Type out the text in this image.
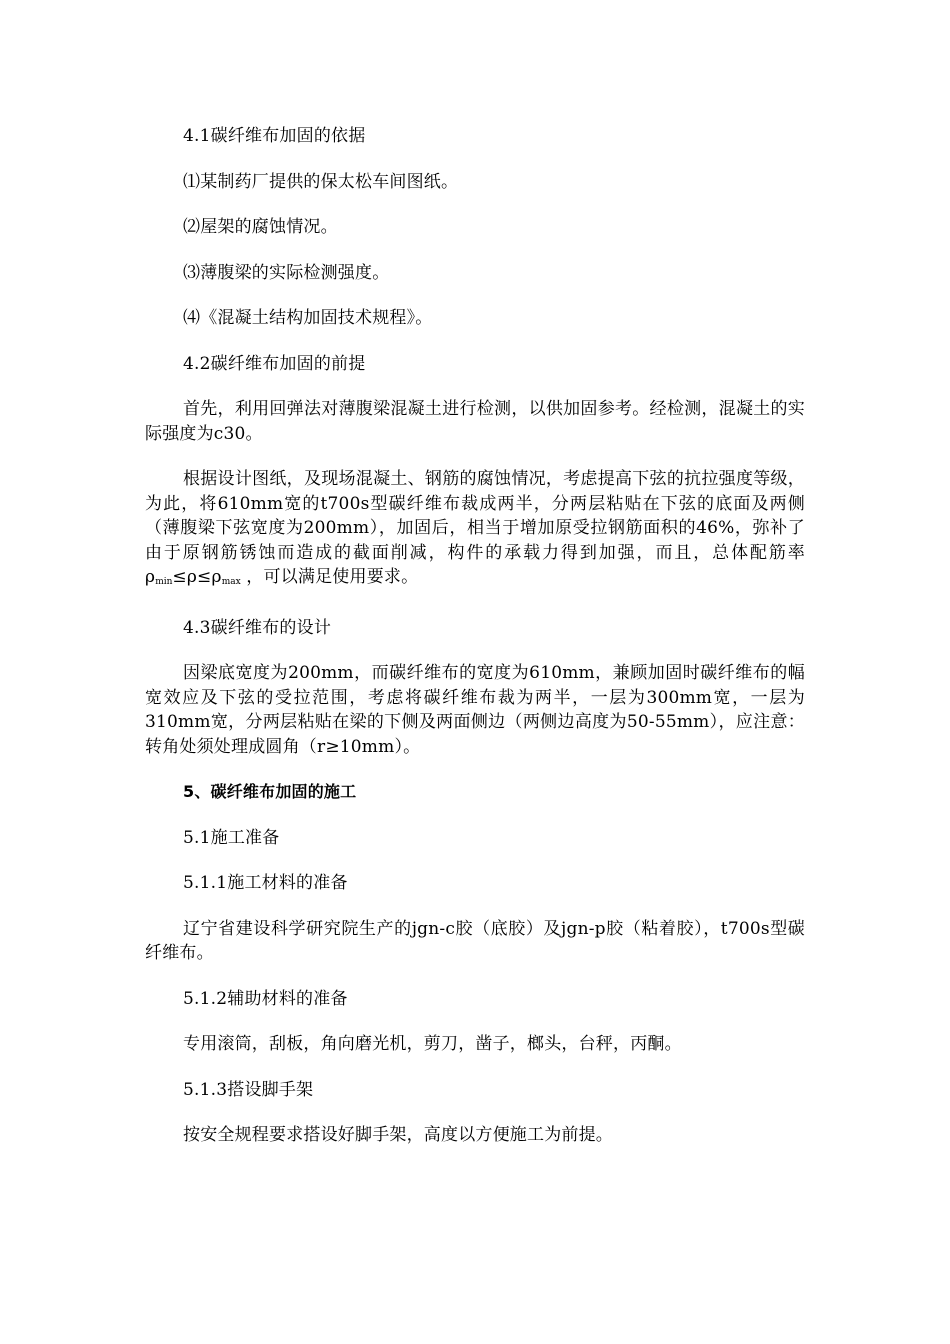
4.1碳纤维布加固的依据

⑴某制药厂提供的保太松车间图纸。

⑵屋架的腐蚀情况。

⑶薄腹梁的实际检测强度。

⑷《混凝土结构加固技术规程》。

4.2碳纤维布加固的前提

首先，利用回弹法对薄腹梁混凝土进行检测，以供加固参考。经检测，混凝土的实际强度为c30。

根据设计图纸，及现场混凝土、钢筋的腐蚀情况，考虑提高下弦的抗拉强度等级，为此，将610mm宽的t700s型碳纤维布裁成两半，分两层粘贴在下弦的底面及两侧（薄腹梁下弦宽度为200mm），加固后，相当于增加原受拉钢筋面积的46%，弥补了由于原钢筋锈蚀而造成的截面削减，构件的承载力得到加强，而且，总体配筋率 $\rho_{min}\le\rho\le\rho_{max}$ ，可以满足使用要求。

4.3碳纤维布的设计

因梁底宽度为200mm，而碳纤维布的宽度为610mm，兼顾加固时碳纤维布的幅宽效应及下弦的受拉范围，考虑将碳纤维布裁为两半，一层为300mm宽，一层为310mm宽，分两层粘贴在梁的下侧及两面侧边（两侧边高度为50-55mm），应注意：转角处须处理成圆角（r≥10mm）。

5、碳纤维布加固的施工

5.1施工准备

5.1.1施工材料的准备

辽宁省建设科学研究院生产的jgn-c胶（底胶）及jgn-p胶（粘着胶），t700s型碳纤维布。

5.1.2辅助材料的准备

专用滚筒，刮板，角向磨光机，剪刀，凿子，榔头，台秤，丙酮。

5.1.3搭设脚手架

按安全规程要求搭设好脚手架，高度以方便施工为前提。
